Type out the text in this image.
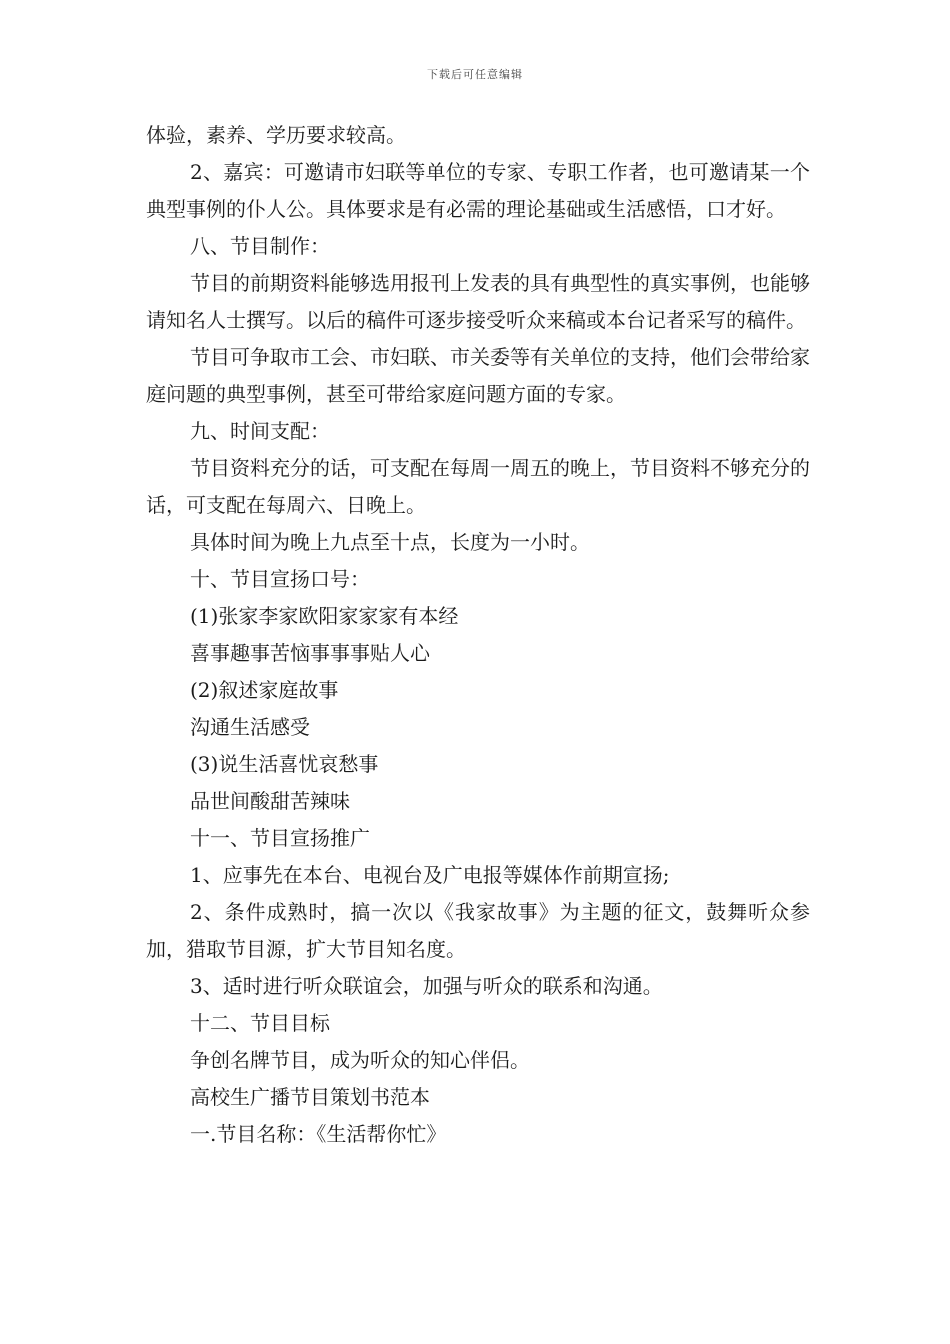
下载后可任意编辑

体验，素养、学历要求较高。

2、嘉宾：可邀请市妇联等单位的专家、专职工作者，也可邀请某一个典型事例的仆人公。具体要求是有必需的理论基础或生活感悟，口才好。

八、节目制作：

节目的前期资料能够选用报刊上发表的具有典型性的真实事例，也能够请知名人士撰写。以后的稿件可逐步接受听众来稿或本台记者采写的稿件。

节目可争取市工会、市妇联、市关委等有关单位的支持，他们会带给家庭问题的典型事例，甚至可带给家庭问题方面的专家。

九、时间支配：

节目资料充分的话，可支配在每周一周五的晚上，节目资料不够充分的话，可支配在每周六、日晚上。

具体时间为晚上九点至十点，长度为一小时。

十、节目宣扬口号：

(1)张家李家欧阳家家家有本经

喜事趣事苦恼事事事贴人心

(2)叙述家庭故事

沟通生活感受

(3)说生活喜忧哀愁事

品世间酸甜苦辣味

十一、节目宣扬推广

1、应事先在本台、电视台及广电报等媒体作前期宣扬;

2、条件成熟时，搞一次以《我家故事》为主题的征文，鼓舞听众参加，猎取节目源，扩大节目知名度。

3、适时进行听众联谊会，加强与听众的联系和沟通。

十二、节目目标

争创名牌节目，成为听众的知心伴侣。

高校生广播节目策划书范本

一.节目名称：《生活帮你忙》
